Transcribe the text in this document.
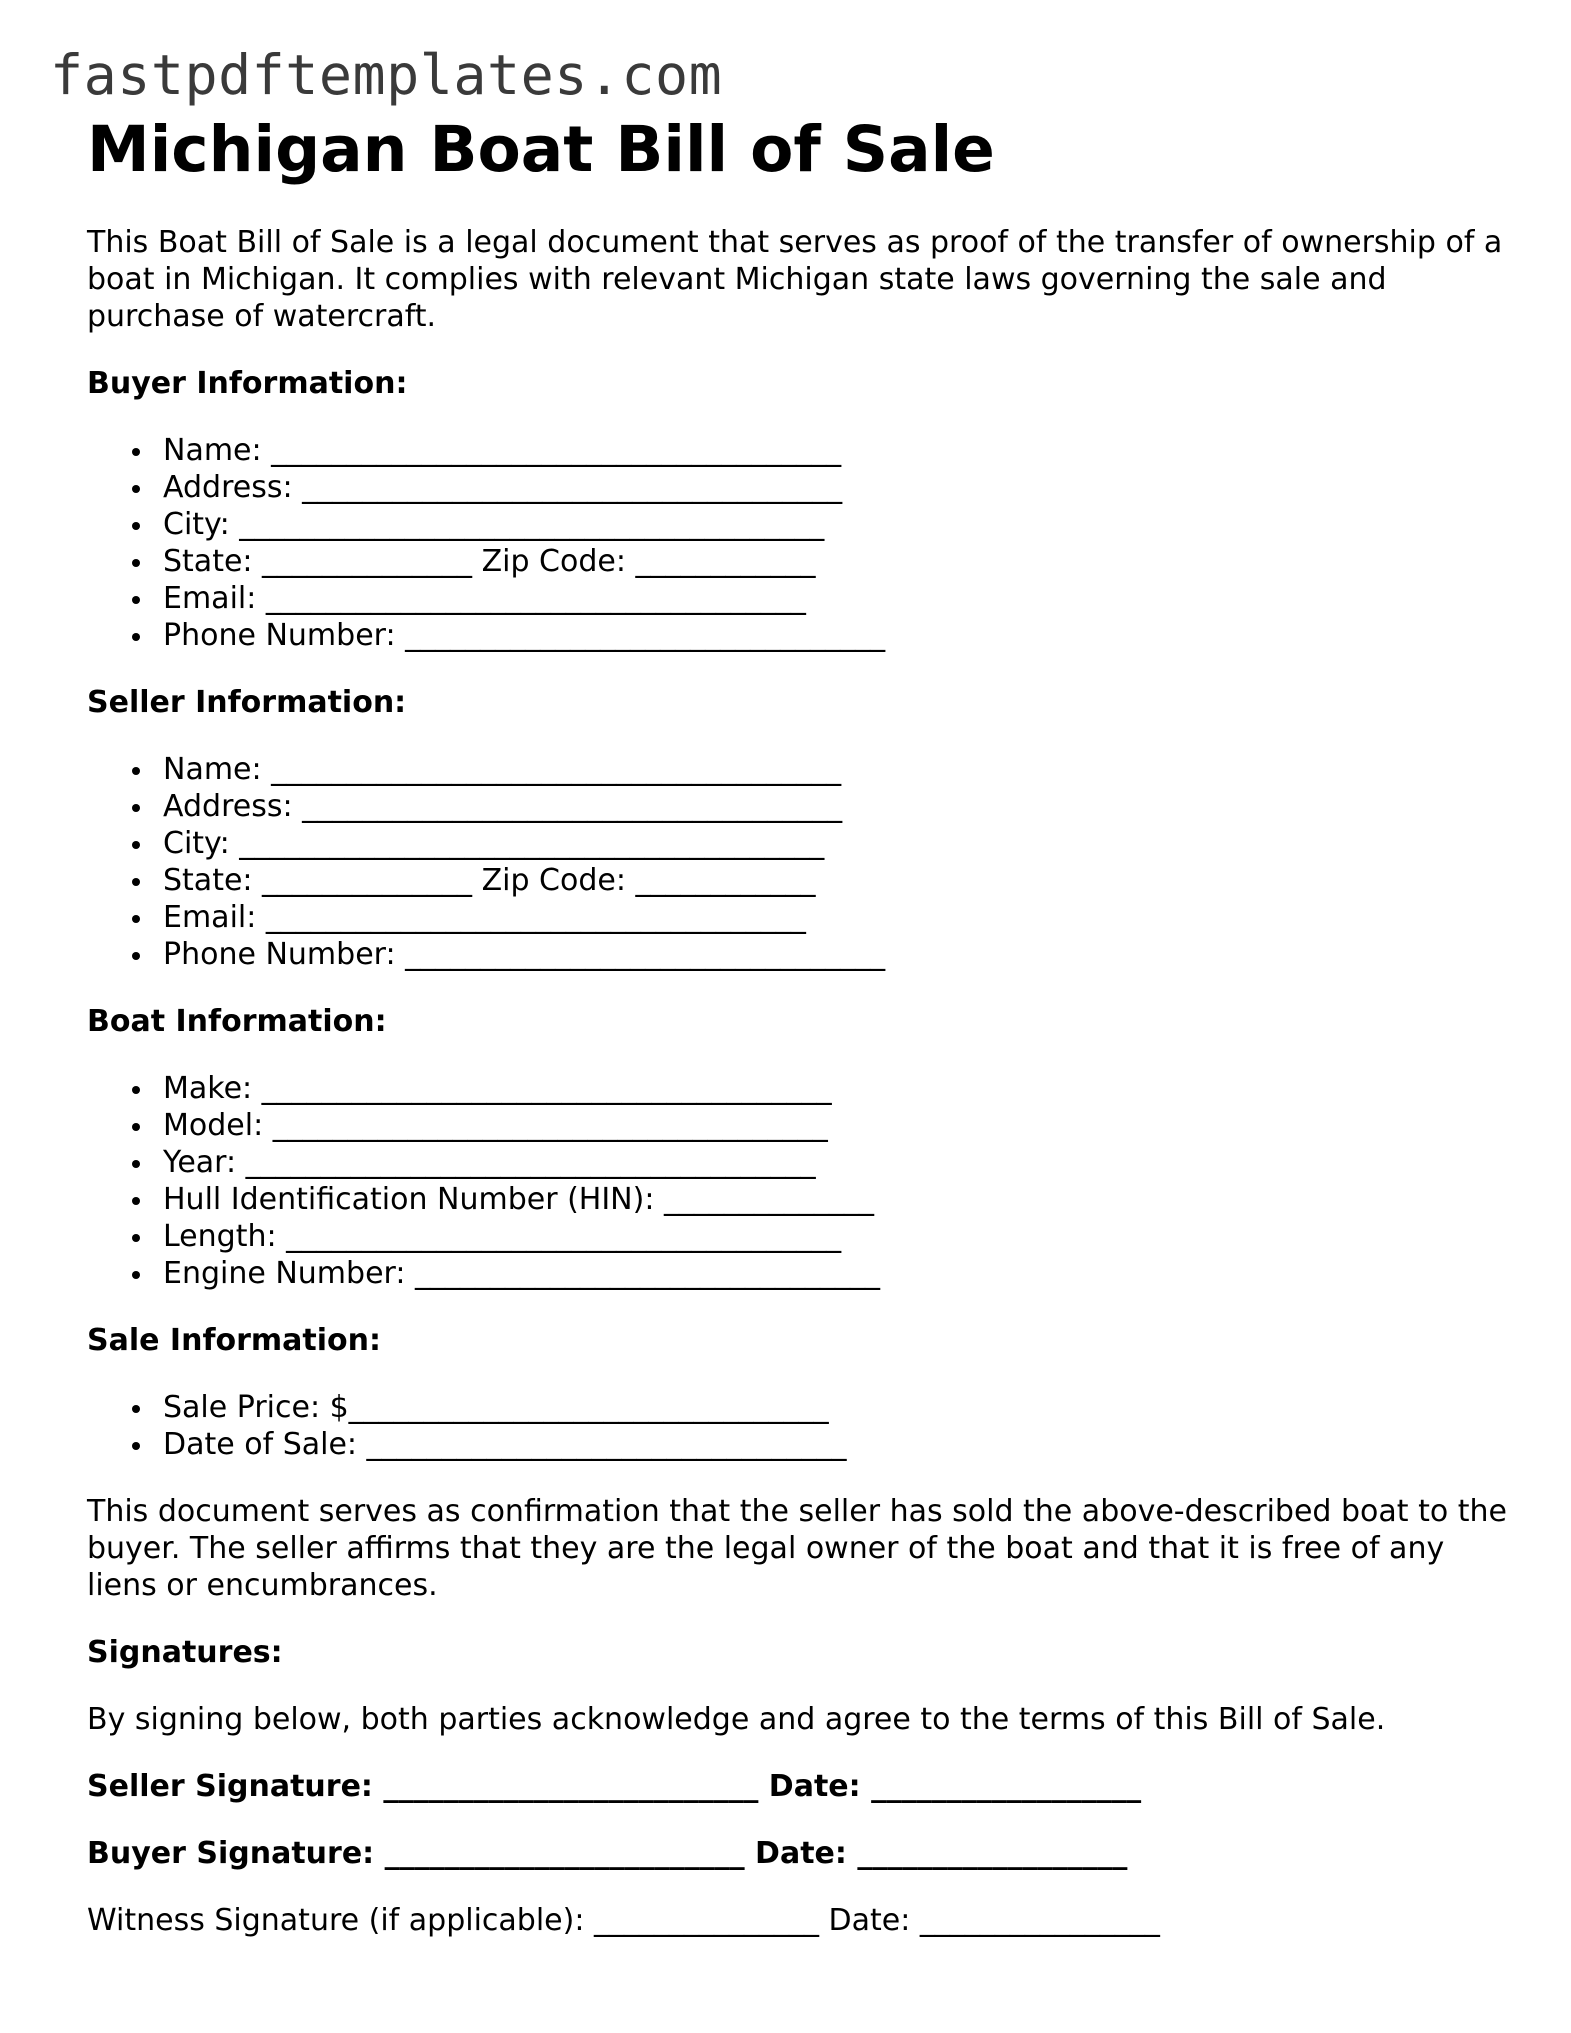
fastpdftemplates.com
Michigan Boat Bill of Sale

This Boat Bill of Sale is a legal document that serves as proof of the transfer of ownership of a boat in Michigan. It complies with relevant Michigan state laws governing the sale and purchase of watercraft.

Buyer Information:
Name: ______________________________________
Address: ____________________________________
City: _______________________________________
State: ______________ Zip Code: ____________
Email: ____________________________________
Phone Number: ________________________________
Seller Information:
Name: ______________________________________
Address: ____________________________________
City: _______________________________________
State: ______________ Zip Code: ____________
Email: ____________________________________
Phone Number: ________________________________
Boat Information:
Make: ______________________________________
Model: _____________________________________
Year: ______________________________________
Hull Identification Number (HIN): ______________
Length: _____________________________________
Engine Number: _______________________________
Sale Information:
Sale Price: $________________________________
Date of Sale: ________________________________

This document serves as confirmation that the seller has sold the above-described boat to the buyer. The seller affirms that they are the legal owner of the boat and that it is free of any liens or encumbrances.

Signatures:

By signing below, both parties acknowledge and agree to the terms of this Bill of Sale.

Seller Signature: _________________________ Date: __________________
Buyer Signature: ________________________ Date: __________________
Witness Signature (if applicable): _______________ Date: ________________
